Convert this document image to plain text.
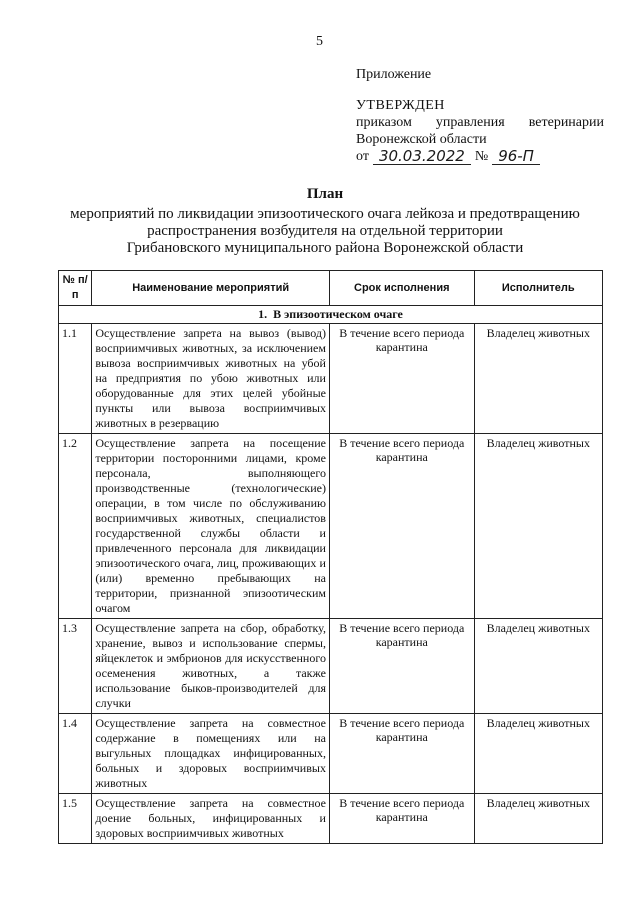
5
Приложение
УТВЕРЖДЕН
приказом управления ветеринарии
Воронежской области
от 30.03.2022 № 96-П
План
мероприятий по ликвидации эпизоотического очага лейкоза и предотвращению
распространения возбудителя на отдельной территории
Грибановского муниципального района Воронежской области
№ п/п	Наименование мероприятий	Срок исполнения	Исполнитель
1. В эпизоотическом очаге			
1.1	Осуществление запрета на вывоз (вывод) восприимчивых животных, за исключением вывоза восприимчивых животных на убой на предприятия по убою животных или оборудованные для этих целей убойные пункты или вывоза восприимчивых животных в резервацию	В течение всего периода карантина	Владелец животных
1.2	Осуществление запрета на посещение территории посторонними лицами, кроме персонала, выполняющего производственные (технологические) операции, в том числе по обслуживанию восприимчивых животных, специалистов государственной службы области и привлеченного персонала для ликвидации эпизоотического очага, лиц, проживающих и (или) временно пребывающих на территории, признанной эпизоотическим очагом	В течение всего периода карантина	Владелец животных
1.3	Осуществление запрета на сбор, обработку, хранение, вывоз и использование спермы, яйцеклеток и эмбрионов для искусственного осеменения животных, а также использование быков-производителей для случки	В течение всего периода карантина	Владелец животных
1.4	Осуществление запрета на совместное содержание в помещениях или на выгульных площадках инфицированных, больных и здоровых восприимчивых животных	В течение всего периода карантина	Владелец животных
1.5	Осуществление запрета на совместное доение больных, инфицированных и здоровых восприимчивых животных	В течение всего периода карантина	Владелец животных
